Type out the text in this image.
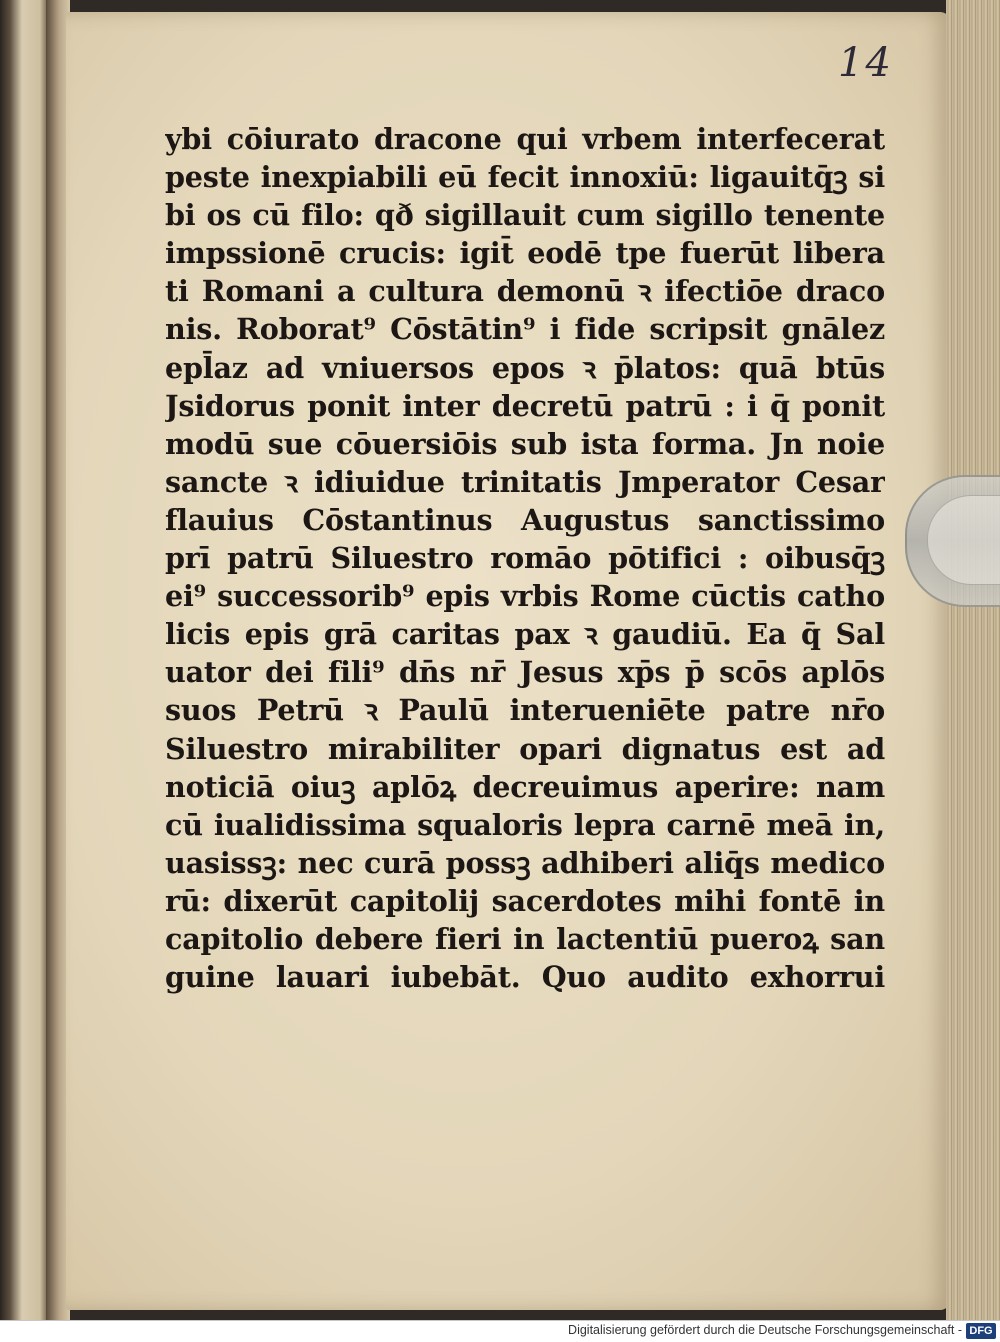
14
ybi cōiurato dracone qui vrbem interfecerat
peste inexpiabili eū fecit innoxiū: ligauitq̄ꝫ si
bi os cū filo: qð sigillauit cum sigillo tenente
impssionē crucis: igit̄ eodē tpe fuerūt libera
ti Romani a cultura demonū ꝛ ifectiōe draco
nis. Roborat⁹ Cōstātin⁹ i fide scripsit gnālez
epl̄az ad vniuersos epos ꝛ p̄latos: quā btūs
Jsidorus ponit inter decretū patrū : i q̄ ponit
modū sue cōuersiōis sub ista forma. Jn noie
sancte ꝛ idiuidue trinitatis Jmperator Cesar
flauius Cōstantinus Augustus sanctissimo
prī patrū Siluestro romāo pōtifici : oibusq̄ꝫ
ei⁹ successorib⁹ epis vrbis Rome cūctis catho
licis epis grā caritas pax ꝛ gaudiū. Ea q̄ Sal
uator dei fili⁹ dn̄s nr̄ Jesus xp̄s p̄ scōs aplōs
suos Petrū ꝛ Paulū interueniēte patre nr̄o
Siluestro mirabiliter opari dignatus est ad
noticiā oiuꝫ aplōꝝ decreuimus aperire: nam
cū iualidissima squaloris lepra carnē meā in,
uasissꝫ: nec curā possꝫ adhiberi aliq̄s medico
rū: dixerūt capitolij sacerdotes mihi fontē in
capitolio debere fieri in lactentiū pueroꝝ san
guine lauari iubebāt. Quo audito exhorrui
Digitalisierung gefördert durch die Deutsche Forschungsgemeinschaft - DFG
